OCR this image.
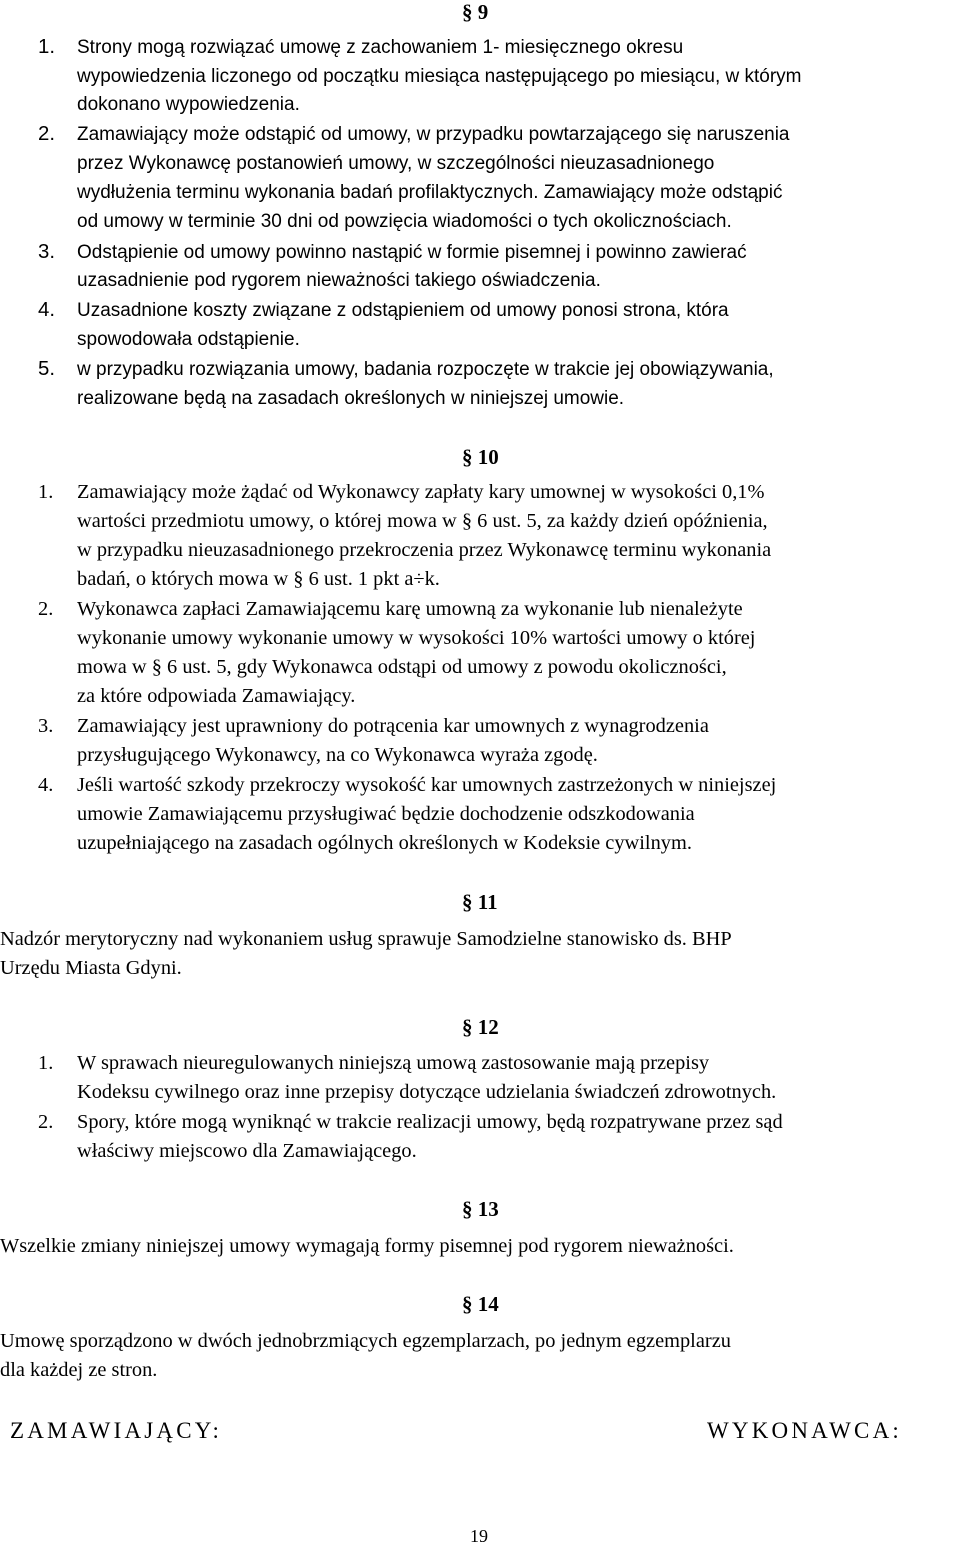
§ 9
1. Strony mogą rozwiązać umowę z zachowaniem 1- miesięcznego okresu
wypowiedzenia liczonego od początku miesiąca następującego po miesiącu, w którym
dokonano wypowiedzenia.
2. Zamawiający może odstąpić od umowy, w przypadku powtarzającego się naruszenia
przez Wykonawcę postanowień umowy, w szczególności nieuzasadnionego
wydłużenia terminu wykonania badań profilaktycznych. Zamawiający może odstąpić
od umowy w terminie 30 dni od powzięcia wiadomości o tych okolicznościach.
3. Odstąpienie od umowy powinno nastąpić w formie pisemnej i powinno zawierać
uzasadnienie pod rygorem nieważności takiego oświadczenia.
4. Uzasadnione koszty związane z odstąpieniem od umowy ponosi strona, która
spowodowała odstąpienie.
5. w przypadku rozwiązania umowy, badania rozpoczęte w trakcie jej obowiązywania,
realizowane będą na zasadach określonych w niniejszej umowie.
§ 10
1. Zamawiający może żądać od Wykonawcy zapłaty kary umownej w wysokości 0,1%
wartości przedmiotu umowy, o której mowa w § 6 ust. 5, za każdy dzień opóźnienia,
w przypadku nieuzasadnionego przekroczenia przez Wykonawcę terminu wykonania
badań, o których mowa w § 6 ust. 1 pkt a÷k.
2. Wykonawca zapłaci Zamawiającemu karę umowną za wykonanie lub nienależyte
wykonanie umowy wykonanie umowy w wysokości 10% wartości umowy o której
mowa w § 6 ust. 5, gdy Wykonawca odstąpi od umowy z powodu okoliczności,
za które odpowiada Zamawiający.
3. Zamawiający jest uprawniony do potrącenia kar umownych z wynagrodzenia
przysługującego Wykonawcy, na co Wykonawca wyraża zgodę.
4. Jeśli wartość szkody przekroczy wysokość kar umownych zastrzeżonych w niniejszej
umowie Zamawiającemu przysługiwać będzie dochodzenie odszkodowania
uzupełniającego na zasadach ogólnych określonych w Kodeksie cywilnym.
§ 11
Nadzór merytoryczny nad wykonaniem usług sprawuje Samodzielne stanowisko ds. BHP
Urzędu Miasta Gdyni.
§ 12
1. W sprawach nieuregulowanych niniejszą umową zastosowanie mają przepisy
Kodeksu cywilnego oraz inne przepisy dotyczące udzielania świadczeń zdrowotnych.
2. Spory, które mogą wyniknąć w trakcie realizacji umowy, będą rozpatrywane przez sąd
właściwy miejscowo dla Zamawiającego.
§ 13
Wszelkie zmiany niniejszej umowy wymagają formy pisemnej pod rygorem nieważności.
§ 14
Umowę sporządzono w dwóch jednobrzmiących egzemplarzach, po jednym egzemplarzu
dla każdej ze stron.
ZAMAWIAJĄCY:	WYKONAWCA:
19
